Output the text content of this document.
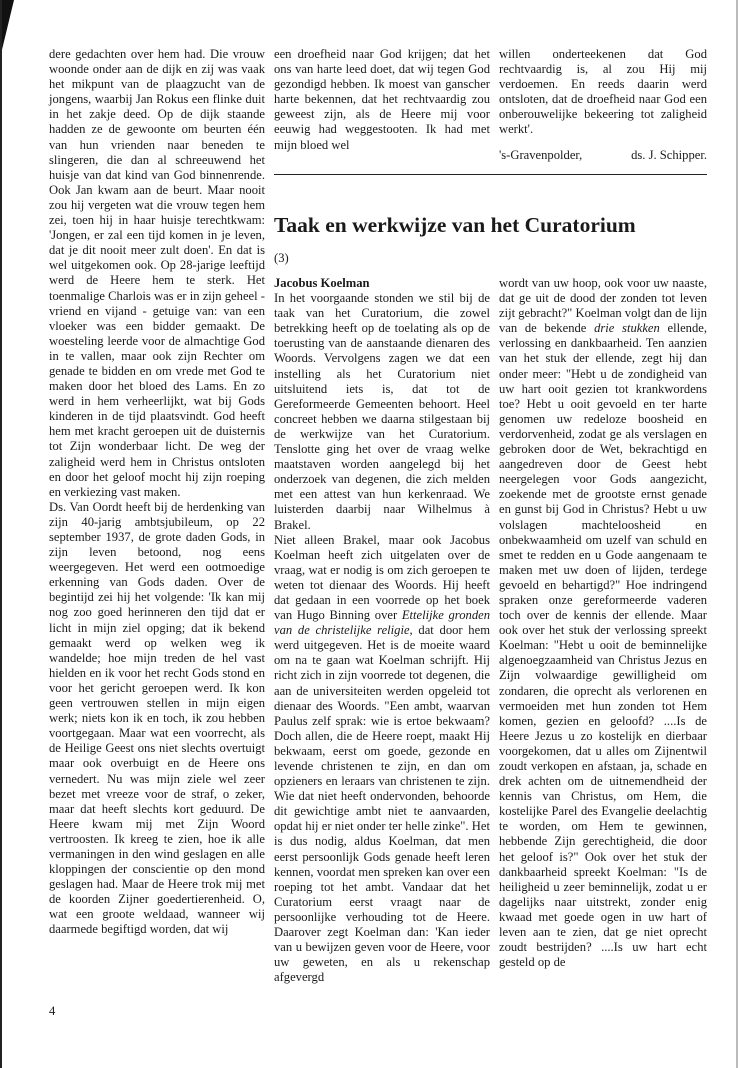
dere gedachten over hem had. Die vrouw woonde onder aan de dijk en zij was vaak het mikpunt van de plaagzucht van de jongens, waarbij Jan Rokus een flinke duit in het zakje deed. Op de dijk staande hadden ze de gewoonte om beurten één van hun vrienden naar beneden te slingeren, die dan al schreeuwend het huisje van dat kind van God binnenrende. Ook Jan kwam aan de beurt. Maar nooit zou hij vergeten wat die vrouw tegen hem zei, toen hij in haar huisje terechtkwam: 'Jongen, er zal een tijd komen in je leven, dat je dit nooit meer zult doen'. En dat is wel uitgekomen ook. Op 28-jarige leeftijd werd de Heere hem te sterk. Het toenmalige Charlois was er in zijn geheel - vriend en vijand - getuige van: van een vloeker was een bidder gemaakt. De woesteling leerde voor de almachtige God in te vallen, maar ook zijn Rechter om genade te bidden en om vrede met God te maken door het bloed des Lams. En zo werd in hem verheerlijkt, wat bij Gods kinderen in de tijd plaatsvindt. God heeft hem met kracht geroepen uit de duisternis tot Zijn wonderbaar licht. De weg der zaligheid werd hem in Christus ontsloten en door het geloof mocht hij zijn roeping en verkiezing vast maken.

Ds. Van Oordt heeft bij de herdenking van zijn 40-jarig ambtsjubileum, op 22 september 1937, de grote daden Gods, in zijn leven betoond, nog eens weergegeven. Het werd een ootmoedige erkenning van Gods daden. Over de begintijd zei hij het volgende: 'Ik kan mij nog zoo goed herinneren den tijd dat er licht in mijn ziel opging; dat ik bekend gemaakt werd op welken weg ik wandelde; hoe mijn treden de hel vast hielden en ik voor het recht Gods stond en voor het gericht geroepen werd. Ik kon geen vertrouwen stellen in mijn eigen werk; niets kon ik en toch, ik zou hebben voortgegaan. Maar wat een voorrecht, als de Heilige Geest ons niet slechts overtuigt maar ook overbuigt en de Heere ons vernedert. Nu was mijn ziele wel zeer bezet met vreeze voor de straf, o zeker, maar dat heeft slechts kort geduurd. De Heere kwam mij met Zijn Woord vertroosten. Ik kreeg te zien, hoe ik alle vermaningen in den wind geslagen en alle kloppingen der conscientie op den mond geslagen had. Maar de Heere trok mij met de koorden Zijner goedertierenheid. O, wat een groote weldaad, wanneer wij daarmede begiftigd worden, dat wij

een droefheid naar God krijgen; dat het ons van harte leed doet, dat wij tegen God gezondigd hebben. Ik moest van ganscher harte bekennen, dat het rechtvaardig zou geweest zijn, als de Heere mij voor eeuwig had weggestooten. Ik had met mijn bloed wel

willen onderteekenen dat God rechtvaardig is, al zou Hij mij verdoemen. En reeds daarin werd ontsloten, dat de droefheid naar God een onberouwelijke bekeering tot zaligheid werkt'.

's-Gravenpolder,	ds. J. Schipper.
Taak en werkwijze van het Curatorium
(3)

Jacobus Koelman

In het voorgaande stonden we stil bij de taak van het Curatorium, die zowel betrekking heeft op de toelating als op de toerusting van de aanstaande dienaren des Woords. Vervolgens zagen we dat een instelling als het Curatorium niet uitsluitend iets is, dat tot de Gereformeerde Gemeenten behoort. Heel concreet hebben we daarna stilgestaan bij de werkwijze van het Curatorium. Tenslotte ging het over de vraag welke maatstaven worden aangelegd bij het onderzoek van degenen, die zich melden met een attest van hun kerkenraad. We luisterden daarbij naar Wilhelmus à Brakel.

Niet alleen Brakel, maar ook Jacobus Koelman heeft zich uitgelaten over de vraag, wat er nodig is om zich geroepen te weten tot dienaar des Woords. Hij heeft dat gedaan in een voorrede op het boek van Hugo Binning over Ettelijke gronden van de christelijke religie, dat door hem werd uitgegeven. Het is de moeite waard om na te gaan wat Koelman schrijft. Hij richt zich in zijn voorrede tot degenen, die aan de universiteiten werden opgeleid tot dienaar des Woords. "Een ambt, waarvan Paulus zelf sprak: wie is ertoe bekwaam? Doch allen, die de Heere roept, maakt Hij bekwaam, eerst om goede, gezonde en levende christenen te zijn, en dan om opzieners en leraars van christenen te zijn. Wie dat niet heeft ondervonden, behoorde dit gewichtige ambt niet te aanvaarden, opdat hij er niet onder ter helle zinke". Het is dus nodig, aldus Koelman, dat men eerst persoonlijk Gods genade heeft leren kennen, voordat men spreken kan over een roeping tot het ambt. Vandaar dat het Curatorium eerst vraagt naar de persoonlijke verhouding tot de Heere. Daarover zegt Koelman dan: 'Kan ieder van u bewijzen geven voor de Heere, voor uw geweten, en als u rekenschap afgevergd

wordt van uw hoop, ook voor uw naaste, dat ge uit de dood der zonden tot leven zijt gebracht?" Koelman volgt dan de lijn van de bekende drie stukken ellende, verlossing en dankbaarheid. Ten aanzien van het stuk der ellende, zegt hij dan onder meer: "Hebt u de zondigheid van uw hart ooit gezien tot krankwordens toe? Hebt u ooit gevoeld en ter harte genomen uw redeloze boosheid en verdorvenheid, zodat ge als verslagen en gebroken door de Wet, bekrachtigd en aangedreven door de Geest hebt neergelegen voor Gods aangezicht, zoekende met de grootste ernst genade en gunst bij God in Christus? Hebt u uw volslagen machteloosheid en onbekwaamheid om uzelf van schuld en smet te redden en u Gode aangenaam te maken met uw doen of lijden, terdege gevoeld en behartigd?" Hoe indringend spraken onze gereformeerde vaderen toch over de kennis der ellende. Maar ook over het stuk der verlossing spreekt Koelman: "Hebt u ooit de beminnelijke algenoegzaamheid van Christus Jezus en Zijn volwaardige gewilligheid om zondaren, die oprecht als verlorenen en vermoeiden met hun zonden tot Hem komen, gezien en geloofd? ....Is de Heere Jezus u zo kostelijk en dierbaar voorgekomen, dat u alles om Zijnentwil zoudt verkopen en afstaan, ja, schade en drek achten om de uitnemendheid der kennis van Christus, om Hem, die kostelijke Parel des Evangelie deelachtig te worden, om Hem te gewinnen, hebbende Zijn gerechtigheid, die door het geloof is?" Ook over het stuk der dankbaarheid spreekt Koelman: "Is de heiligheid u zeer beminnelijk, zodat u er dagelijks naar uitstrekt, zonder enig kwaad met goede ogen in uw hart of leven aan te zien, dat ge niet oprecht zoudt bestrijden? ....Is uw hart echt gesteld op de

4
